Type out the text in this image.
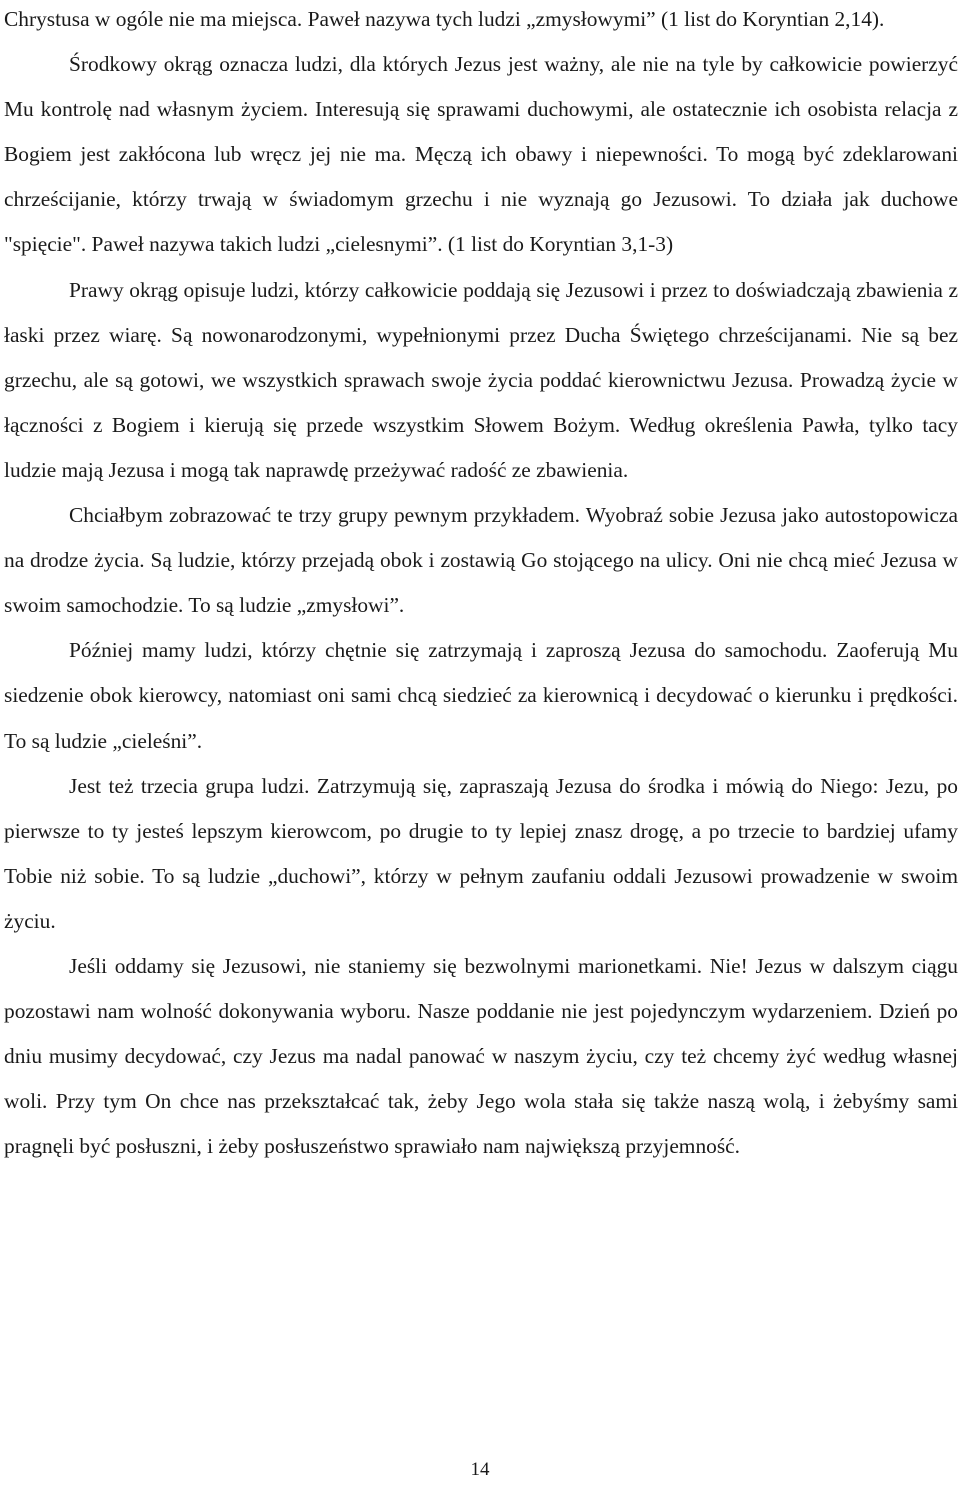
Chrystusa w ogóle nie ma miejsca. Paweł nazywa tych ludzi „zmysłowymi” (1 list do Koryntian 2,14).

Środkowy okrąg oznacza ludzi, dla których Jezus jest ważny, ale nie na tyle by całkowicie powierzyć Mu kontrolę nad własnym życiem. Interesują się sprawami duchowymi, ale ostatecznie ich osobista relacja z Bogiem jest zakłócona lub wręcz jej nie ma. Męczą ich obawy i niepewności. To mogą być zdeklarowani chrześcijanie, którzy trwają w świadomym grzechu i nie wyznają go Jezusowi. To działa jak duchowe "spięcie". Paweł nazywa takich ludzi „cielesnymi”. (1 list do Koryntian 3,1-3)

Prawy okrąg opisuje ludzi, którzy całkowicie poddają się Jezusowi i przez to doświadczają zbawienia z łaski przez wiarę. Są nowonarodzonymi, wypełnionymi przez Ducha Świętego chrześcijanami. Nie są bez grzechu, ale są gotowi, we wszystkich sprawach swoje życia poddać kierownictwu Jezusa. Prowadzą życie w łączności z Bogiem i kierują się przede wszystkim Słowem Bożym. Według określenia Pawła, tylko tacy ludzie mają Jezusa i mogą tak naprawdę przeżywać radość ze zbawienia.

Chciałbym zobrazować te trzy grupy pewnym przykładem. Wyobraź sobie Jezusa jako autostopowicza na drodze życia. Są ludzie, którzy przejadą obok i zostawią Go stojącego na ulicy. Oni nie chcą mieć Jezusa w swoim samochodzie. To są ludzie „zmysłowi”.

Później mamy ludzi, którzy chętnie się zatrzymają i zaproszą Jezusa do samochodu. Zaoferują Mu siedzenie obok kierowcy, natomiast oni sami chcą siedzieć za kierownicą i decydować o kierunku i prędkości. To są ludzie „cieleśni”.

Jest też trzecia grupa ludzi. Zatrzymują się, zapraszają Jezusa do środka i mówią do Niego: Jezu, po pierwsze to ty jesteś lepszym kierowcom, po drugie to ty lepiej znasz drogę, a po trzecie to bardziej ufamy Tobie niż sobie. To są ludzie „duchowi”, którzy w pełnym zaufaniu oddali Jezusowi prowadzenie w swoim życiu.

Jeśli oddamy się Jezusowi, nie staniemy się bezwolnymi marionetkami. Nie! Jezus w dalszym ciągu pozostawi nam wolność dokonywania wyboru. Nasze poddanie nie jest pojedynczym wydarzeniem. Dzień po dniu musimy decydować, czy Jezus ma nadal panować w naszym życiu, czy też chcemy żyć według własnej woli. Przy tym On chce nas przekształcać tak, żeby Jego wola stała się także naszą wolą, i żebyśmy sami pragnęli być posłuszni, i żeby posłuszeństwo sprawiało nam największą przyjemność.

14
